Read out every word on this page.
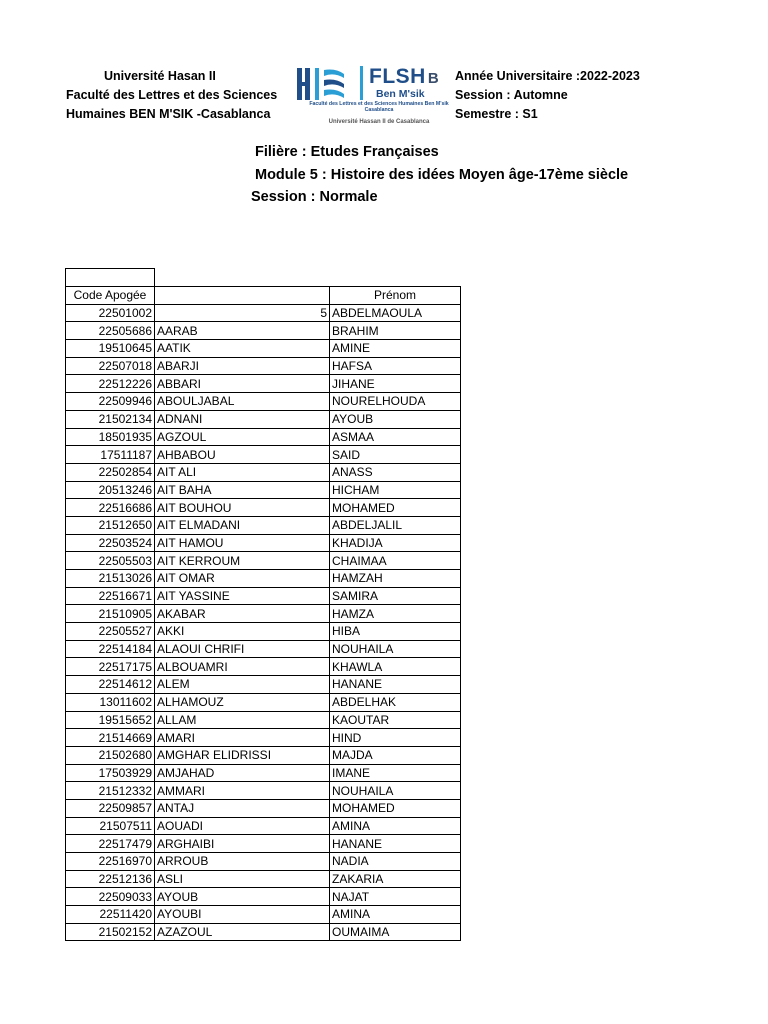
Université Hasan II
Faculté des Lettres et des Sciences
Humaines BEN M'SIK -Casablanca
FLSH B
Ben M'sik
Faculté des Lettres et des Sciences Humaines Ben M'sik Casablanca
Université Hassan II de Casablanca
Année Universitaire :2022-2023
Session : Automne
Semestre : S1
Filière : Etudes Françaises
Module 5 : Histoire des idées Moyen âge-17ème siècle
Session : Normale
Code Apogée		Prénom
22501002	5	ABDELMAOULA
22505686	AARAB	BRAHIM
19510645	AATIK	AMINE
22507018	ABARJI	HAFSA
22512226	ABBARI	JIHANE
22509946	ABOULJABAL	NOURELHOUDA
21502134	ADNANI	AYOUB
18501935	AGZOUL	ASMAA
17511187	AHBABOU	SAID
22502854	AIT ALI	ANASS
20513246	AIT BAHA	HICHAM
22516686	AIT BOUHOU	MOHAMED
21512650	AIT ELMADANI	ABDELJALIL
22503524	AIT HAMOU	KHADIJA
22505503	AIT KERROUM	CHAIMAA
21513026	AIT OMAR	HAMZAH
22516671	AIT YASSINE	SAMIRA
21510905	AKABAR	HAMZA
22505527	AKKI	HIBA
22514184	ALAOUI CHRIFI	NOUHAILA
22517175	ALBOUAMRI	KHAWLA
22514612	ALEM	HANANE
13011602	ALHAMOUZ	ABDELHAK
19515652	ALLAM	KAOUTAR
21514669	AMARI	HIND
21502680	AMGHAR ELIDRISSI	MAJDA
17503929	AMJAHAD	IMANE
21512332	AMMARI	NOUHAILA
22509857	ANTAJ	MOHAMED
21507511	AOUADI	AMINA
22517479	ARGHAIBI	HANANE
22516970	ARROUB	NADIA
22512136	ASLI	ZAKARIA
22509033	AYOUB	NAJAT
22511420	AYOUBI	AMINA
21502152	AZAZOUL	OUMAIMA
